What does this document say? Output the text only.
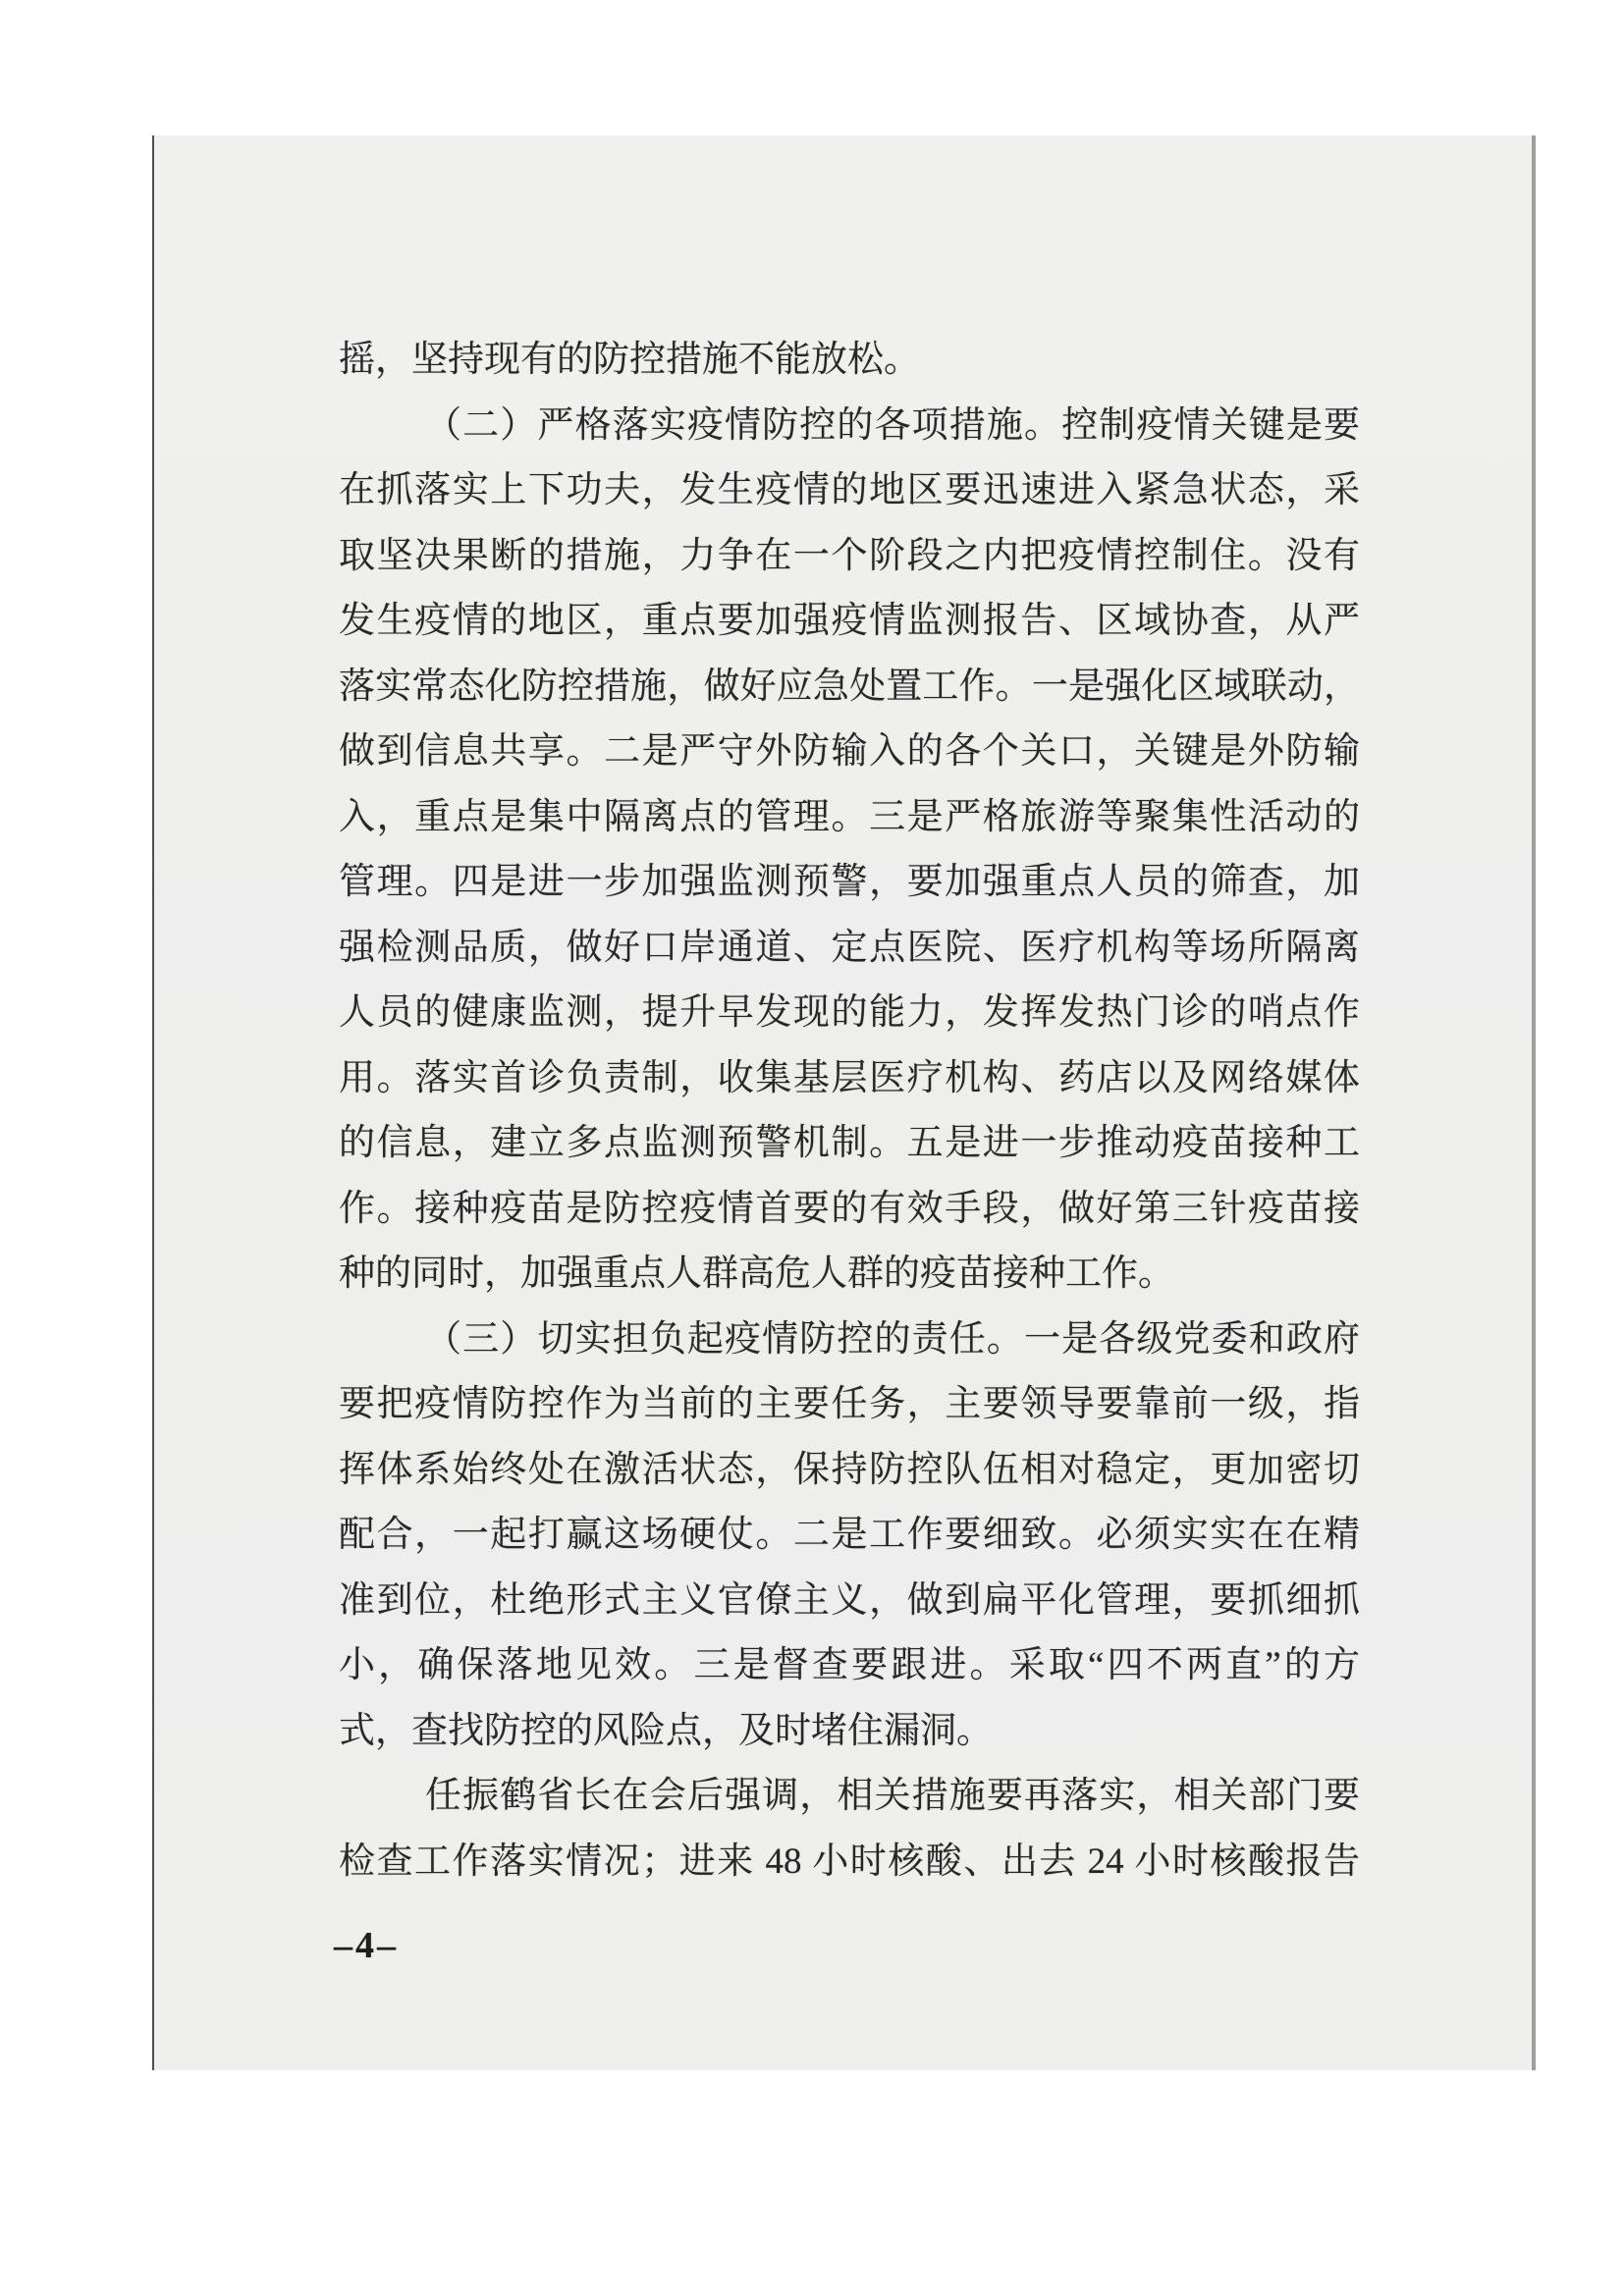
摇，坚持现有的防控措施不能放松。
（二）严格落实疫情防控的各项措施。控制疫情关键是要
在抓落实上下功夫，发生疫情的地区要迅速进入紧急状态，采
取坚决果断的措施，力争在一个阶段之内把疫情控制住。没有
发生疫情的地区，重点要加强疫情监测报告、区域协查，从严
落实常态化防控措施，做好应急处置工作。一是强化区域联动，
做到信息共享。二是严守外防输入的各个关口，关键是外防输
入，重点是集中隔离点的管理。三是严格旅游等聚集性活动的
管理。四是进一步加强监测预警，要加强重点人员的筛查，加
强检测品质，做好口岸通道、定点医院、医疗机构等场所隔离
人员的健康监测，提升早发现的能力，发挥发热门诊的哨点作
用。落实首诊负责制，收集基层医疗机构、药店以及网络媒体
的信息，建立多点监测预警机制。五是进一步推动疫苗接种工
作。接种疫苗是防控疫情首要的有效手段，做好第三针疫苗接
种的同时，加强重点人群高危人群的疫苗接种工作。
（三）切实担负起疫情防控的责任。一是各级党委和政府
要把疫情防控作为当前的主要任务，主要领导要靠前一级，指
挥体系始终处在激活状态，保持防控队伍相对稳定，更加密切
配合，一起打赢这场硬仗。二是工作要细致。必须实实在在精
准到位，杜绝形式主义官僚主义，做到扁平化管理，要抓细抓
小，确保落地见效。三是督查要跟进。采取“四不两直”的方
式，查找防控的风险点，及时堵住漏洞。
任振鹤省长在会后强调，相关措施要再落实，相关部门要
检查工作落实情况；进来 48 小时核酸、出去 24 小时核酸报告
–4–
